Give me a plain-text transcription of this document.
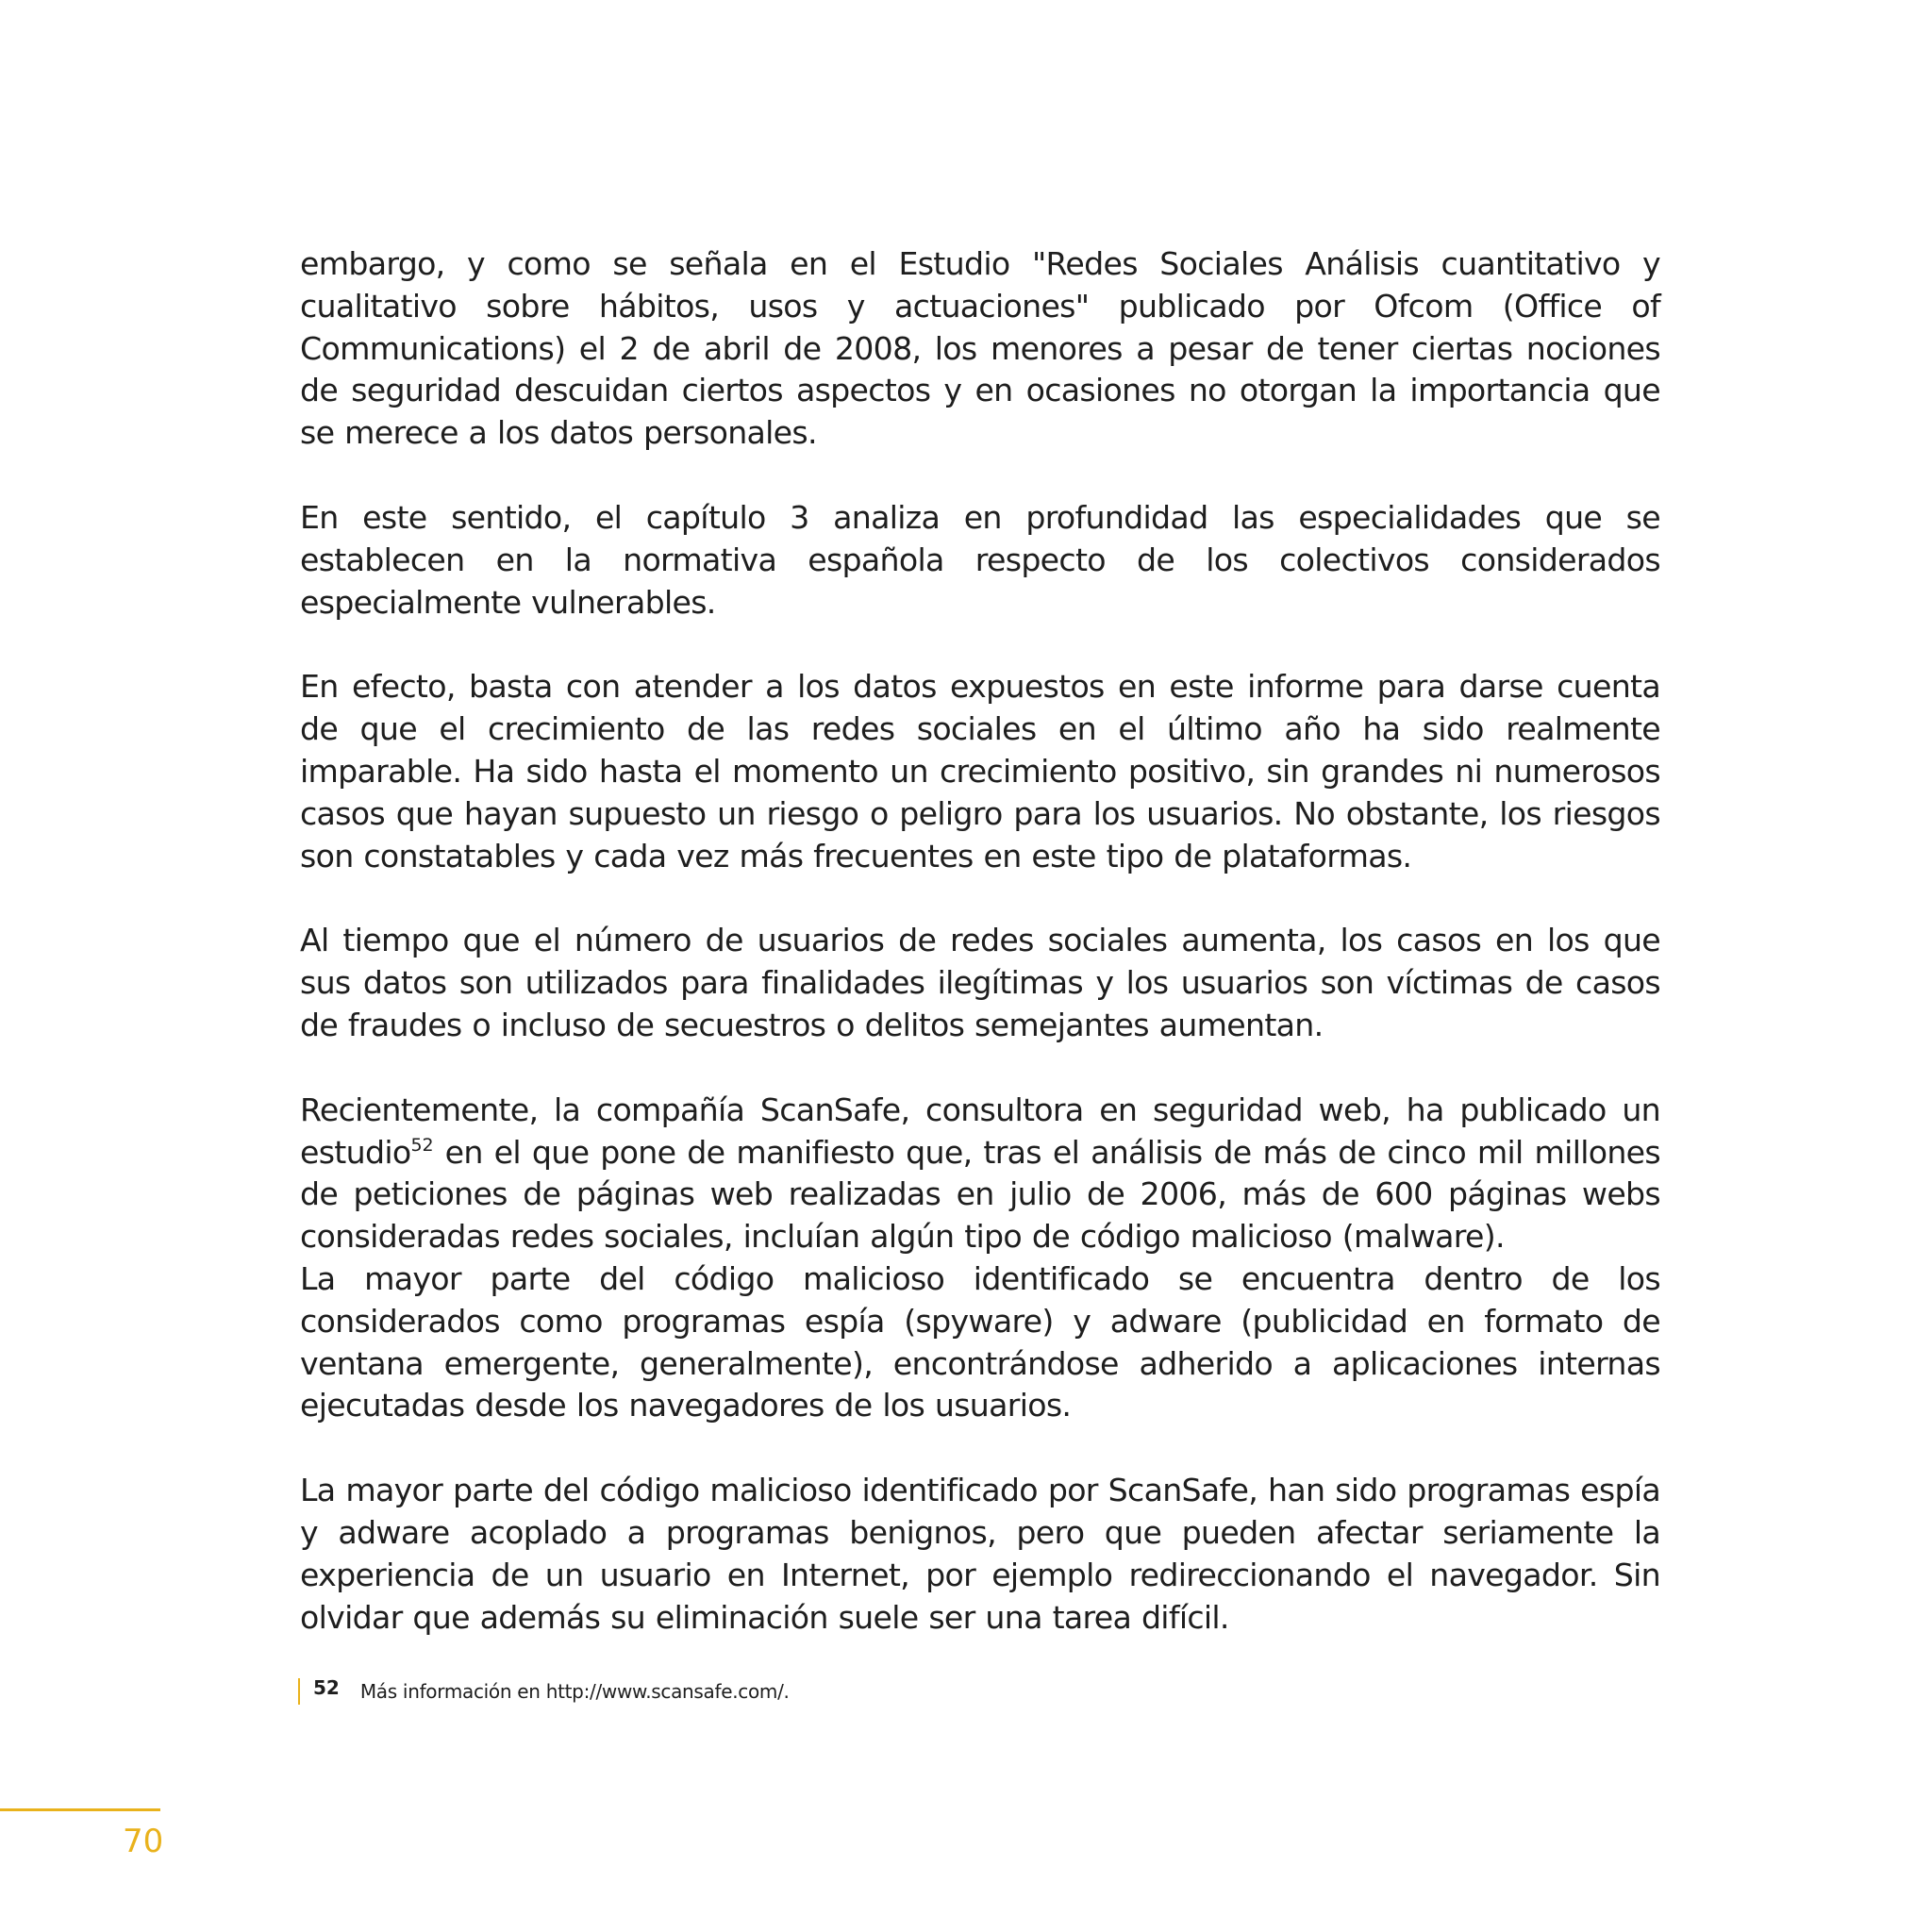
embargo, y como se señala en el Estudio "Redes Sociales Análisis cuantitativo y cualitativo sobre hábitos, usos y actuaciones" publicado por Ofcom (Office of Communications) el 2 de abril de 2008, los menores a pesar de tener ciertas nociones de seguridad descuidan ciertos aspectos y en ocasiones no otorgan la importancia que se merece a los datos personales.

En este sentido, el capítulo 3 analiza en profundidad las especialidades que se establecen en la normativa española respecto de los colectivos considerados especialmente vulnerables.

En efecto, basta con atender a los datos expuestos en este informe para darse cuenta de que el crecimiento de las redes sociales en el último año ha sido realmente imparable. Ha sido hasta el momento un crecimiento positivo, sin grandes ni numerosos casos que hayan supuesto un riesgo o peligro para los usuarios. No obstante, los riesgos son constatables y cada vez más frecuentes en este tipo de plataformas.

Al tiempo que el número de usuarios de redes sociales aumenta, los casos en los que sus datos son utilizados para finalidades ilegítimas y los usuarios son víctimas de casos de fraudes o incluso de secuestros o delitos semejantes aumentan.

Recientemente, la compañía ScanSafe, consultora en seguridad web, ha publicado un estudio$^{52}$ en el que pone de manifiesto que, tras el análisis de más de cinco mil millones de peticiones de páginas web realizadas en julio de 2006, más de 600 páginas webs consideradas redes sociales, incluían algún tipo de código malicioso (malware).

La mayor parte del código malicioso identificado se encuentra dentro de los considerados como programas espía (spyware) y adware (publicidad en formato de ventana emergente, generalmente), encontrándose adherido a aplicaciones internas ejecutadas desde los navegadores de los usuarios.

La mayor parte del código malicioso identificado por ScanSafe, han sido programas espía y adware acoplado a programas benignos, pero que pueden afectar seriamente la experiencia de un usuario en Internet, por ejemplo redireccionando el navegador. Sin olvidar que además su eliminación suele ser una tarea difícil.

52 Más información en http://www.scansafe.com/.
70
